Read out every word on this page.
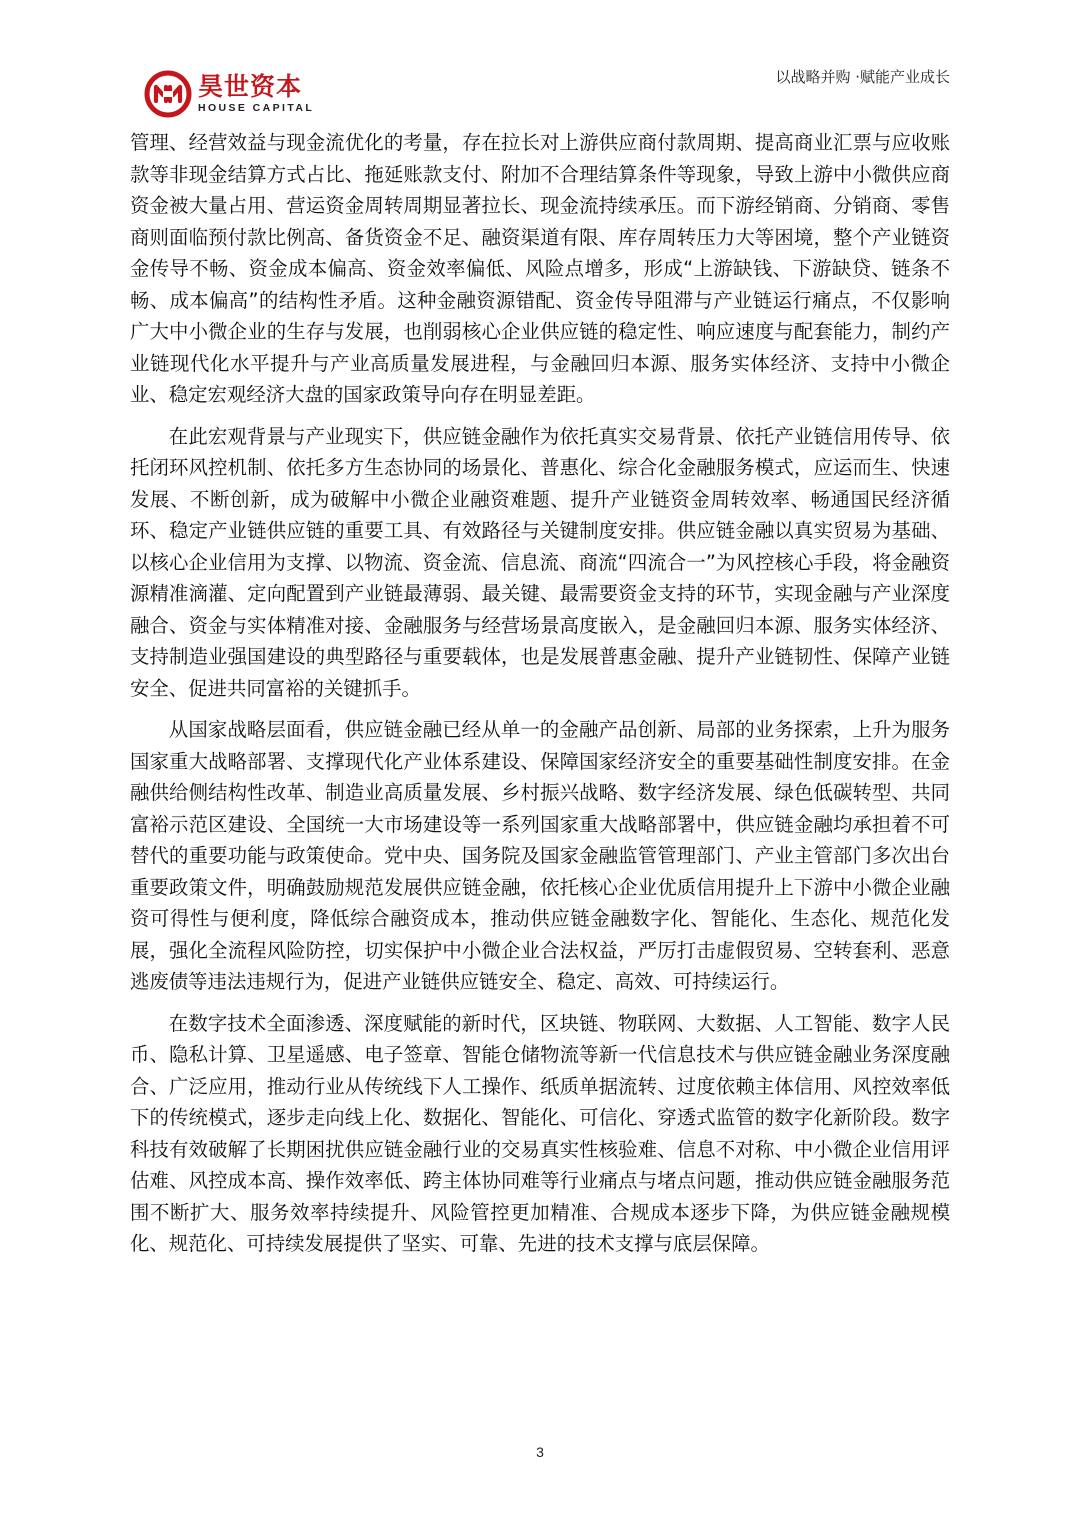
昊世资本
HOUSE CAPITAL
以战略并购 ·赋能产业成长

管理、经营效益与现金流优化的考量，存在拉长对上游供应商付款周期、提高商业汇票与应收账款等非现金结算方式占比、拖延账款支付、附加不合理结算条件等现象，导致上游中小微供应商资金被大量占用、营运资金周转周期显著拉长、现金流持续承压。而下游经销商、分销商、零售商则面临预付款比例高、备货资金不足、融资渠道有限、库存周转压力大等困境，整个产业链资金传导不畅、资金成本偏高、资金效率偏低、风险点增多，形成“上游缺钱、下游缺贷、链条不畅、成本偏高”的结构性矛盾。这种金融资源错配、资金传导阻滞与产业链运行痛点，不仅影响广大中小微企业的生存与发展，也削弱核心企业供应链的稳定性、响应速度与配套能力，制约产业链现代化水平提升与产业高质量发展进程，与金融回归本源、服务实体经济、支持中小微企业、稳定宏观经济大盘的国家政策导向存在明显差距。

在此宏观背景与产业现实下，供应链金融作为依托真实交易背景、依托产业链信用传导、依托闭环风控机制、依托多方生态协同的场景化、普惠化、综合化金融服务模式，应运而生、快速发展、不断创新，成为破解中小微企业融资难题、提升产业链资金周转效率、畅通国民经济循环、稳定产业链供应链的重要工具、有效路径与关键制度安排。供应链金融以真实贸易为基础、以核心企业信用为支撑、以物流、资金流、信息流、商流“四流合一”为风控核心手段，将金融资源精准滴灌、定向配置到产业链最薄弱、最关键、最需要资金支持的环节，实现金融与产业深度融合、资金与实体精准对接、金融服务与经营场景高度嵌入，是金融回归本源、服务实体经济、支持制造业强国建设的典型路径与重要载体，也是发展普惠金融、提升产业链韧性、保障产业链安全、促进共同富裕的关键抓手。

从国家战略层面看，供应链金融已经从单一的金融产品创新、局部的业务探索，上升为服务国家重大战略部署、支撑现代化产业体系建设、保障国家经济安全的重要基础性制度安排。在金融供给侧结构性改革、制造业高质量发展、乡村振兴战略、数字经济发展、绿色低碳转型、共同富裕示范区建设、全国统一大市场建设等一系列国家重大战略部署中，供应链金融均承担着不可替代的重要功能与政策使命。党中央、国务院及国家金融监管管理部门、产业主管部门多次出台重要政策文件，明确鼓励规范发展供应链金融，依托核心企业优质信用提升上下游中小微企业融资可得性与便利度，降低综合融资成本，推动供应链金融数字化、智能化、生态化、规范化发展，强化全流程风险防控，切实保护中小微企业合法权益，严厉打击虚假贸易、空转套利、恶意逃废债等违法违规行为，促进产业链供应链安全、稳定、高效、可持续运行。

在数字技术全面渗透、深度赋能的新时代，区块链、物联网、大数据、人工智能、数字人民币、隐私计算、卫星遥感、电子签章、智能仓储物流等新一代信息技术与供应链金融业务深度融合、广泛应用，推动行业从传统线下人工操作、纸质单据流转、过度依赖主体信用、风控效率低下的传统模式，逐步走向线上化、数据化、智能化、可信化、穿透式监管的数字化新阶段。数字科技有效破解了长期困扰供应链金融行业的交易真实性核验难、信息不对称、中小微企业信用评估难、风控成本高、操作效率低、跨主体协同难等行业痛点与堵点问题，推动供应链金融服务范围不断扩大、服务效率持续提升、风险管控更加精准、合规成本逐步下降，为供应链金融规模化、规范化、可持续发展提供了坚实、可靠、先进的技术支撑与底层保障。

3
